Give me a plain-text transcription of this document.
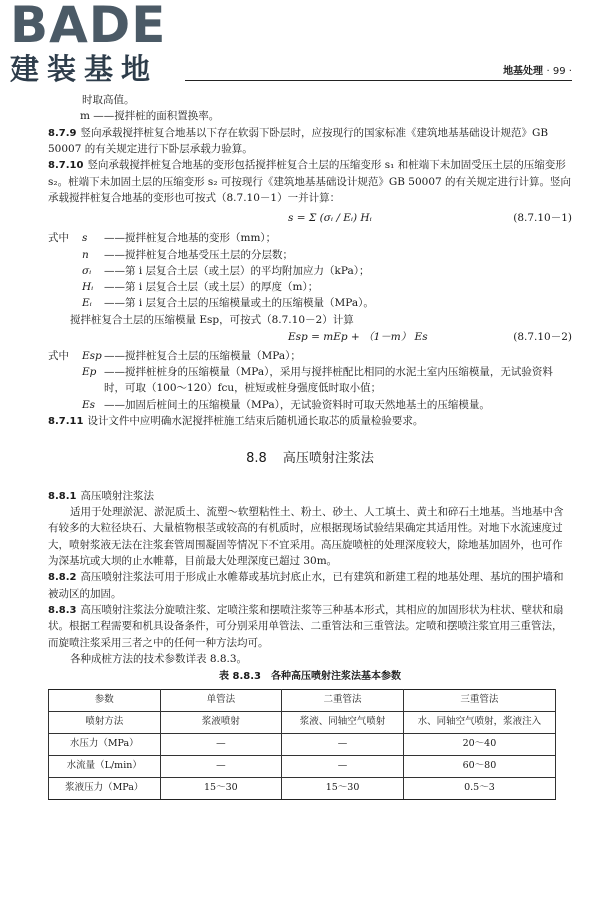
BADE
建装基地	地基处理 · 99 ·

时取高值。

m ——搅拌桩的面积置换率。

8.7.9 竖向承载搅拌桩复合地基以下存在软弱下卧层时，应按现行的国家标准《建筑地基基础设计规范》GB 50007 的有关规定进行下卧层承载力验算。

8.7.10 竖向承载搅拌桩复合地基的变形包括搅拌桩复合土层的压缩变形 s₁ 和桩端下未加固受压土层的压缩变形 s₂。桩端下未加固土层的压缩变形 s₂ 可按现行《建筑地基基础设计规范》GB 50007 的有关规定进行计算。竖向承载搅拌桩复合地基的变形也可按式（8.7.10－1）一并计算：

s = Σ (σᵢ / Eᵢ) Hᵢ	(8.7.10－1)
式中	s	——搅拌桩复合地基的变形（mm）；
n	——搅拌桩复合地基受压土层的分层数；
σᵢ	——第 i 层复合土层（或土层）的平均附加应力（kPa）；
Hᵢ	——第 i 层复合土层（或土层）的厚度（m）；
Eᵢ	——第 i 层复合土层的压缩模量或土的压缩模量（MPa）。

搅拌桩复合土层的压缩模量 Esp，可按式（8.7.10－2）计算

Esp = mEp + （1－m） Es	(8.7.10－2)
式中	Esp ——搅拌桩复合土层的压缩模量（MPa）；
Ep ——搅拌桩桩身的压缩模量（MPa），采用与搅拌桩配比相同的水泥土室内压缩模量，无试验资料时，可取（100～120）fcu，桩短或桩身强度低时取小值；
Es ——加固后桩间土的压缩模量（MPa），无试验资料时可取天然地基土的压缩模量。

8.7.11 设计文件中应明确水泥搅拌桩施工结束后随机通长取芯的质量检验要求。

8.8 高压喷射注浆法

8.8.1 高压喷射注浆法

适用于处理淤泥、淤泥质土、流塑～软塑粘性土、粉土、砂土、人工填土、黄土和碎石土地基。当地基中含有较多的大粒径块石、大量植物根茎或较高的有机质时，应根据现场试验结果确定其适用性。对地下水流速度过大，喷射浆液无法在注浆套管周围凝固等情况下不宜采用。高压旋喷桩的处理深度较大，除地基加固外，也可作为深基坑或大坝的止水帷幕，目前最大处理深度已超过 30m。

8.8.2 高压喷射注浆法可用于形成止水帷幕或基坑封底止水，已有建筑和新建工程的地基处理、基坑的围护墙和被动区的加固。

8.8.3 高压喷射注浆法分旋喷注浆、定喷注浆和摆喷注浆等三种基本形式，其相应的加固形状为柱状、壁状和扇状。根据工程需要和机具设备条件，可分别采用单管法、二重管法和三重管法。定喷和摆喷注浆宜用三重管法，而旋喷注浆采用三者之中的任何一种方法均可。

各种成桩方法的技术参数详表 8.8.3。

表 8.8.3　各种高压喷射注浆法基本参数
参数	单管法	二重管法	三重管法
喷射方法	浆液喷射	浆液、同轴空气喷射	水、同轴空气喷射，浆液注入
水压力（MPa）	—	—	20～40
水流量（L/min）	—	—	60～80
浆液压力（MPa）	15～30	15～30	0.5～3
